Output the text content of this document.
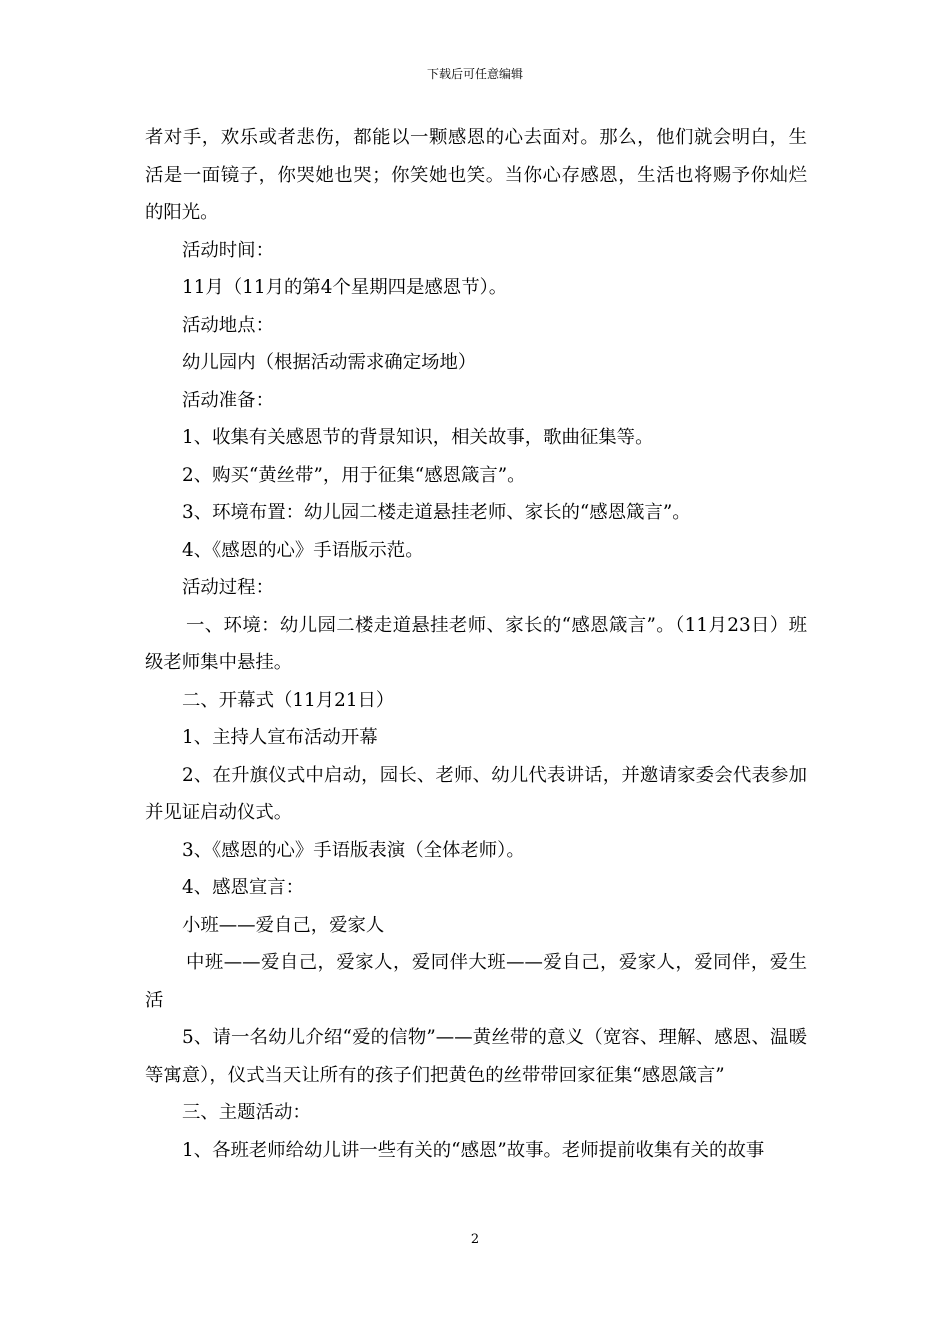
下载后可任意编辑

者对手，欢乐或者悲伤，都能以一颗感恩的心去面对。那么，他们就会明白，生活是一面镜子，你哭她也哭；你笑她也笑。当你心存感恩，生活也将赐予你灿烂的阳光。

活动时间：

11月（11月的第4个星期四是感恩节）。

活动地点：

幼儿园内（根据活动需求确定场地）

活动准备：

1、收集有关感恩节的背景知识，相关故事，歌曲征集等。

2、购买“黄丝带”，用于征集“感恩箴言”。

3、环境布置：幼儿园二楼走道悬挂老师、家长的“感恩箴言”。

4、《感恩的心》手语版示范。

活动过程：

一、环境：幼儿园二楼走道悬挂老师、家长的“感恩箴言”。（11月23日）班级老师集中悬挂。

二、开幕式（11月21日）

1、主持人宣布活动开幕

2、在升旗仪式中启动，园长、老师、幼儿代表讲话，并邀请家委会代表参加并见证启动仪式。

3、《感恩的心》手语版表演（全体老师）。

4、感恩宣言：

小班——爱自己，爱家人

中班——爱自己，爱家人，爱同伴大班——爱自己，爱家人，爱同伴，爱生活

5、请一名幼儿介绍“爱的信物”——黄丝带的意义（宽容、理解、感恩、温暖等寓意），仪式当天让所有的孩子们把黄色的丝带带回家征集“感恩箴言”

三、主题活动：

1、各班老师给幼儿讲一些有关的“感恩”故事。老师提前收集有关的故事

2
